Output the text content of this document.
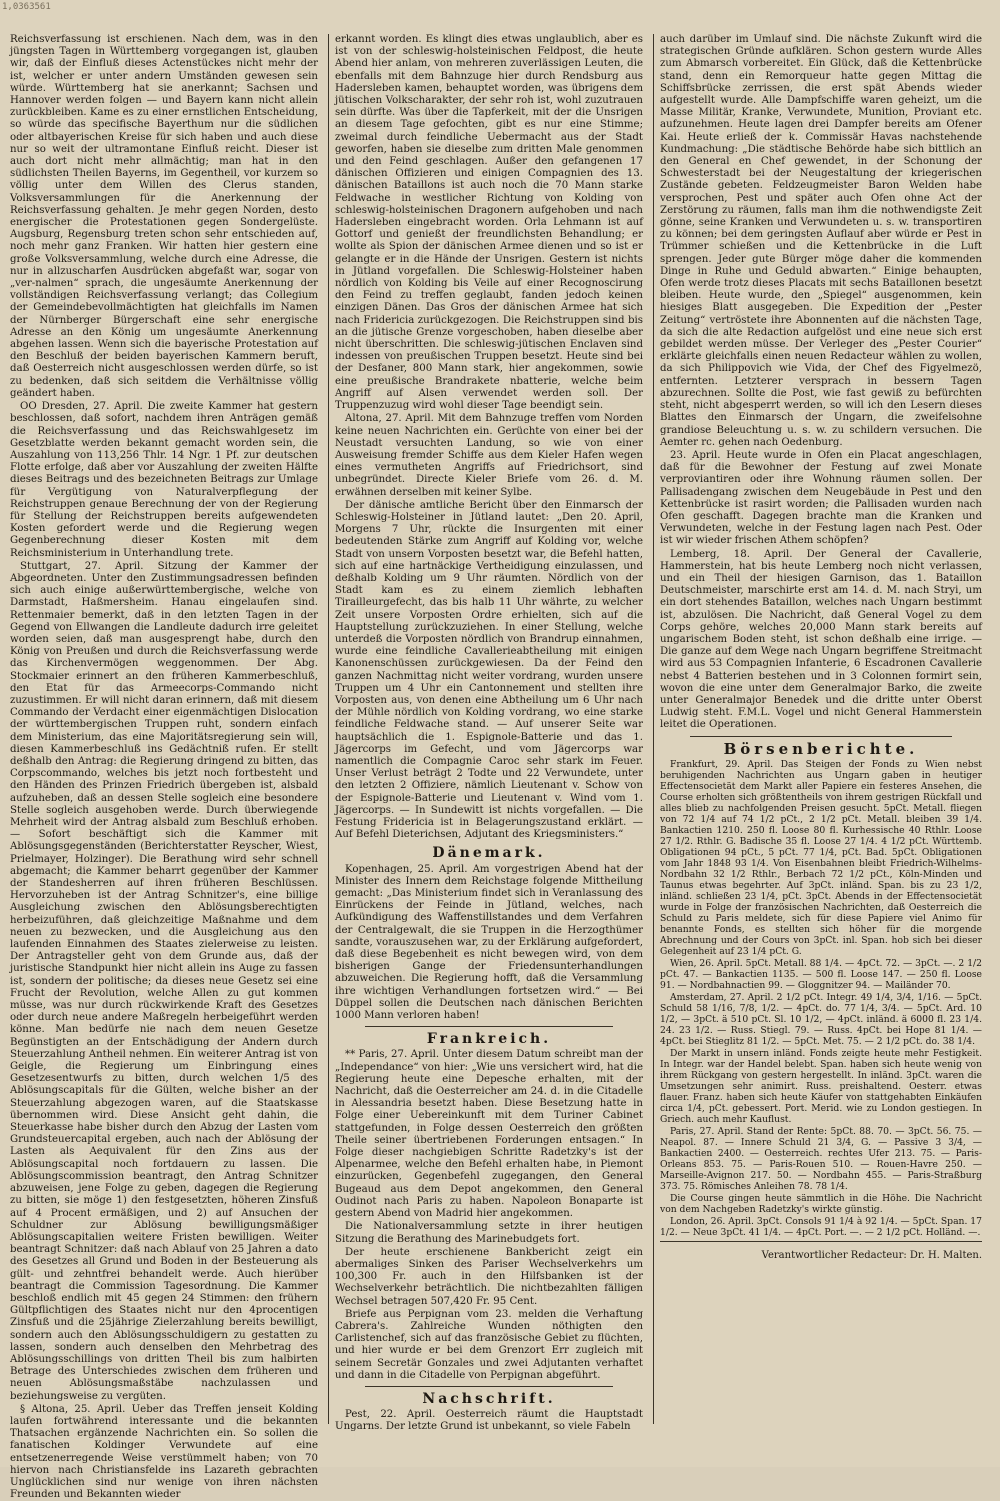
1,0363561

Reichsverfassung ist erschienen. Nach dem, was in den jüngsten Tagen in Württemberg vorgegangen ist, glauben wir, daß der Einfluß dieses Actenstückes nicht mehr der ist, welcher er unter andern Umständen gewesen sein würde. Württemberg hat sie anerkannt; Sachsen und Hannover werden folgen — und Bayern kann nicht allein zurückbleiben. Kame es zu einer ernstlichen Entscheidung, so würde das specifische Bayerthum nur die südlichen oder altbayerischen Kreise für sich haben und auch diese nur so weit der ultramontane Einfluß reicht. Dieser ist auch dort nicht mehr allmächtig; man hat in den südlichsten Theilen Bayerns, im Gegentheil, vor kurzem so völlig unter dem Willen des Clerus standen, Volksversammlungen für die Anerkennung der Reichsverfassung gehalten. Je mehr gegen Norden, desto energischer die Protestationen gegen Sondergelüste. Augsburg, Regensburg treten schon sehr entschieden auf, noch mehr ganz Franken. Wir hatten hier gestern eine große Volksversammlung, welche durch eine Adresse, die nur in allzuscharfen Ausdrücken abgefaßt war, sogar von „ver-nalmen“ sprach, die ungesäumte Anerkennung der vollständigen Reichsverfassung verlangt; das Collegium der Gemeindebevollmächtigten hat gleichfalls im Namen der Nürnberger Bürgerschaft eine sehr energische Adresse an den König um ungesäumte Anerkennung abgehen lassen. Wenn sich die bayerische Protestation auf den Beschluß der beiden bayerischen Kammern beruft, daß Oesterreich nicht ausgeschlossen werden dürfe, so ist zu bedenken, daß sich seitdem die Verhältnisse völlig geändert haben.

OO Dresden, 27. April. Die zweite Kammer hat gestern beschlossen, daß sofort, nachdem ihren Anträgen gemäß die Reichsverfassung und das Reichswahlgesetz im Gesetzblatte werden bekannt gemacht worden sein, die Auszahlung von 113,256 Thlr. 14 Ngr. 1 Pf. zur deutschen Flotte erfolge, daß aber vor Auszahlung der zweiten Hälfte dieses Beitrags und des bezeichneten Beitrags zur Umlage für Vergütigung von Naturalverpflegung der Reichstruppen genaue Berechnung der von der Regierung für Stellung der Reichstruppen bereits aufgewendeten Kosten gefordert werde und die Regierung wegen Gegenberechnung dieser Kosten mit dem Reichsministerium in Unterhandlung trete.

Stuttgart, 27. April. Sitzung der Kammer der Abgeordneten. Unter den Zustimmungsadressen befinden sich auch einige außerwürttembergische, welche von Darmstadt, Haßmersheim. Hanau eingelaufen sind. Rettenmaier bemerkt, daß in den letzten Tagen in der Gegend von Ellwangen die Landleute dadurch irre geleitet worden seien, daß man ausgesprengt habe, durch den König von Preußen und durch die Reichsverfassung werde das Kirchenvermögen weggenommen. Der Abg. Stockmaier erinnert an den früheren Kammerbeschluß, den Etat für das Armeecorps-Commando nicht zuzustimmen. Er will nicht daran erinnern, daß mit diesem Commando der Verdacht einer eigenmächtigen Dislocation der württembergischen Truppen ruht, sondern einfach dem Ministerium, das eine Majoritätsregierung sein will, diesen Kammerbeschluß ins Gedächtniß rufen. Er stellt deßhalb den Antrag: die Regierung dringend zu bitten, das Corpscommando, welches bis jetzt noch fortbesteht und den Händen des Prinzen Friedrich übergeben ist, alsbald aufzuheben, daß an dessen Stelle sogleich eine besondere Stelle sogleich ausgehoben werde. Durch überwiegende Mehrheit wird der Antrag alsbald zum Beschluß erhoben. — Sofort beschäftigt sich die Kammer mit Ablösungsgegenständen (Berichterstatter Reyscher, Wiest, Prielmayer, Holzinger). Die Berathung wird sehr schnell abgemacht; die Kammer beharrt gegenüber der Kammer der Standesherren auf ihren früheren Beschlüssen. Hervorzuheben ist der Antrag Schnitzer's, eine billige Ausgleichung zwischen den Ablösungsberechtigten herbeizuführen, daß gleichzeitige Maßnahme und dem neuen zu bezwecken, und die Ausgleichung aus den laufenden Einnahmen des Staates zielerweise zu leisten. Der Antragsteller geht von dem Grunde aus, daß der juristische Standpunkt hier nicht allein ins Auge zu fassen ist, sondern der politische; da dieses neue Gesetz sei eine Frucht der Revolution, welche Allen zu gut kommen müsse, was nur durch rückwirkende Kraft des Gesetzes oder durch neue andere Maßregeln herbeigeführt werden könne. Man bedürfe nie nach dem neuen Gesetze Begünstigten an der Entschädigung der Andern durch Steuerzahlung Antheil nehmen. Ein weiterer Antrag ist von Geigle, die Regierung um Einbringung eines Gesetzesentwurfs zu bitten, durch welchen 1/5 des Ablösungscapitals für die Gülten, welche bisher an der Steuerzahlung abgezogen waren, auf die Staatskasse übernommen wird. Diese Ansicht geht dahin, die Steuerkasse habe bisher durch den Abzug der Lasten vom Grundsteuercapital ergeben, auch nach der Ablösung der Lasten als Aequivalent für den Zins aus der Ablösungscapital noch fortdauern zu lassen. Die Ablösungscommission beantragt, den Antrag Schnitzer abzuweisen, jene Folge zu geben, dagegen die Regierung zu bitten, sie möge 1) den festgesetzten, höheren Zinsfuß auf 4 Procent ermäßigen, und 2) auf Ansuchen der Schuldner zur Ablösung bewilligungsmäßiger Ablösungscapitalien weitere Fristen bewilligen. Weiter beantragt Schnitzer: daß nach Ablauf von 25 Jahren a dato des Gesetzes all Grund und Boden in der Besteuerung als gült- und zehntfrei behandelt werde. Auch hierüber beantragt die Commission Tagesordnung. Die Kammer beschloß endlich mit 45 gegen 24 Stimmen: den frühern Gültpflichtigen des Staates nicht nur den 4procentigen Zinsfuß und die 25jährige Zielerzahlung bereits bewilligt, sondern auch den Ablösungsschuldigern zu gestatten zu lassen, sondern auch denselben den Mehrbetrag des Ablösungsschillings von dritten Theil bis zum halbirten Betrage des Unterschiedes zwischen dem früheren und neuen Ablösungsmaßstäbe nachzulassen und beziehungsweise zu vergüten.

§ Altona, 25. April. Ueber das Treffen jenseit Kolding laufen fortwährend interessante und die bekannten Thatsachen ergänzende Nachrichten ein. So sollen die fanatischen Koldinger Verwundete auf eine entsetzenerregende Weise verstümmelt haben; von 70 hiervon nach Christiansfelde ins Lazareth gebrachten Unglücklichen sind nur wenige von ihren nächsten Freunden und Bekannten wieder

erkannt worden. Es klingt dies etwas unglaublich, aber es ist von der schleswig-holsteinischen Feldpost, die heute Abend hier anlam, von mehreren zuverlässigen Leuten, die ebenfalls mit dem Bahnzuge hier durch Rendsburg aus Hadersleben kamen, behauptet worden, was übrigens dem jütischen Volkscharakter, der sehr roh ist, wohl zuzutrauen sein dürfte. Was über die Tapferkeit, mit der die Unsrigen an diesem Tage gefochten, gibt es nur eine Stimme; zweimal durch feindliche Uebermacht aus der Stadt geworfen, haben sie dieselbe zum dritten Male genommen und den Feind geschlagen. Außer den gefangenen 17 dänischen Offizieren und einigen Compagnien des 13. dänischen Bataillons ist auch noch die 70 Mann starke Feldwache in westlicher Richtung von Kolding von schleswig-holsteinischen Dragonern aufgehoben und nach Hadersleben eingebracht worden. Orla Lehmann ist auf Gottorf und genießt der freundlichsten Behandlung; er wollte als Spion der dänischen Armee dienen und so ist er gelangte er in die Hände der Unsrigen. Gestern ist nichts in Jütland vorgefallen. Die Schleswig-Holsteiner haben nördlich von Kolding bis Veile auf einer Recognoscirung den Feind zu treffen geglaubt, fanden jedoch keinen einzigen Dänen. Das Gros der dänischen Armee hat sich nach Fridericia zurückgezogen. Die Reichstruppen sind bis an die jütische Grenze vorgeschoben, haben dieselbe aber nicht überschritten. Die schleswig-jütischen Enclaven sind indessen von preußischen Truppen besetzt. Heute sind bei der Desfaner, 800 Mann stark, hier angekommen, sowie eine preußische Brandrakete nbatterie, welche beim Angriff auf Alsen verwendet werden soll. Der Truppenzuzug wird wohl dieser Tage beendigt sein.

Altona, 27. April. Mit dem Bahnzuge treffen vom Norden keine neuen Nachrichten ein. Gerüchte von einer bei der Neustadt versuchten Landung, so wie von einer Ausweisung fremder Schiffe aus dem Kieler Hafen wegen eines vermutheten Angriffs auf Friedrichsort, sind unbegründet. Directe Kieler Briefe vom 26. d. M. erwähnen derselben mit keiner Sylbe.

Der dänische amtliche Bericht über den Einmarsch der Schleswig-Holsteiner in Jütland lautet: „Den 20. April, Morgens 7 Uhr, rückte die Insurgenten mit einer bedeutenden Stärke zum Angriff auf Kolding vor, welche Stadt von unsern Vorposten besetzt war, die Befehl hatten, sich auf eine hartnäckige Vertheidigung einzulassen, und deßhalb Kolding um 9 Uhr räumten. Nördlich von der Stadt kam es zu einem ziemlich lebhaften Tirailleurgefecht, das bis halb 11 Uhr währte, zu welcher Zeit unsere Vorposten Ordre erhielten, sich auf die Hauptstellung zurückzuziehen. In einer Stellung, welche unterdeß die Vorposten nördlich von Brandrup einnahmen, wurde eine feindliche Cavallerieabtheilung mit einigen Kanonenschüssen zurückgewiesen. Da der Feind den ganzen Nachmittag nicht weiter vordrang, wurden unsere Truppen um 4 Uhr ein Cantonnement und stellten ihre Vorposten aus, von denen eine Abtheilung um 6 Uhr nach der Mühle nördlich von Kolding vordrang, wo eine starke feindliche Feldwache stand. — Auf unserer Seite war hauptsächlich die 1. Espignole-Batterie und das 1. Jägercorps im Gefecht, und vom Jägercorps war namentlich die Compagnie Caroc sehr stark im Feuer. Unser Verlust beträgt 2 Todte und 22 Verwundete, unter den letzten 2 Offiziere, nämlich Lieutenant v. Schow von der Espignole-Batterie und Lieutenant v. Wind vom 1. Jägercorps. — In Sundewitt ist nichts vorgefallen. — Die Festung Fridericia ist in Belagerungszustand erklärt. — Auf Befehl Dieterichsen, Adjutant des Kriegsministers.“

Dänemark.

Kopenhagen, 25. April. Am vorgestrigen Abend hat der Minister des Innern dem Reichstage folgende Mittheilung gemacht: „Das Ministerium findet sich in Veranlassung des Einrückens der Feinde in Jütland, welches, nach Aufkündigung des Waffenstillstandes und dem Verfahren der Centralgewalt, die sie Truppen in die Herzogthümer sandte, vorauszusehen war, zu der Erklärung aufgefordert, daß diese Begebenheit es nicht bewegen wird, von dem bisherigen Gange der Friedensunterhandlungen abzuweichen. Die Regierung hofft, daß die Versammlung ihre wichtigen Verhandlungen fortsetzen wird.“ — Bei Düppel sollen die Deutschen nach dänischen Berichten 1000 Mann verloren haben!

Frankreich.

** Paris, 27. April. Unter diesem Datum schreibt man der „Independance“ von hier: „Wie uns versichert wird, hat die Regierung heute eine Depesche erhalten, mit der Nachricht, daß die Oesterreicher am 24. d. in die Citadelle in Alessandria besetzt haben. Diese Besetzung hatte in Folge einer Uebereinkunft mit dem Turiner Cabinet stattgefunden, in Folge dessen Oesterreich den größten Theile seiner übertriebenen Forderungen entsagen.“ In Folge dieser nachgiebigen Schritte Radetzky's ist der Alpenarmee, welche den Befehl erhalten habe, in Piemont einzurücken, Gegenbefehl zugegangen, den General Bugeaud aus dem Depot angekommen, den General Oudinot nach Paris zu haben. Napoleon Bonaparte ist gestern Abend von Madrid hier angekommen.

Die Nationalversammlung setzte in ihrer heutigen Sitzung die Berathung des Marinebudgets fort.

Der heute erschienene Bankbericht zeigt ein abermaliges Sinken des Pariser Wechselverkehrs um 100,300 Fr. auch in den Hilfsbanken ist der Wechselverkehr beträchtlich. Die nichtbezahlten fälligen Wechsel betragen 507,420 Fr. 95 Cent.

Briefe aus Perpignan vom 23. melden die Verhaftung Cabrera's. Zahlreiche Wunden nöthigten den Carlistenchef, sich auf das französische Gebiet zu flüchten, und hier wurde er bei dem Grenzort Err zugleich mit seinem Secretär Gonzales und zwei Adjutanten verhaftet und dann in die Citadelle von Perpignan abgeführt.

Nachschrift.

Pest, 22. April. Oesterreich räumt die Hauptstadt Ungarns. Der letzte Grund ist unbekannt, so viele Fabeln

auch darüber im Umlauf sind. Die nächste Zukunft wird die strategischen Gründe aufklären. Schon gestern wurde Alles zum Abmarsch vorbereitet. Ein Glück, daß die Kettenbrücke stand, denn ein Remorqueur hatte gegen Mittag die Schiffsbrücke zerrissen, die erst spät Abends wieder aufgestellt wurde. Alle Dampfschiffe waren geheizt, um die Masse Militär, Kranke, Verwundete, Munition, Proviant etc. aufzunehmen. Heute lagen drei Dampfer bereits am Ofener Kai. Heute erließ der k. Commissär Havas nachstehende Kundmachung: „Die städtische Behörde habe sich bittlich an den General en Chef gewendet, in der Schonung der Schwesterstadt bei der Neugestaltung der kriegerischen Zustände gebeten. Feldzeugmeister Baron Welden habe versprochen, Pest und später auch Ofen ohne Act der Zerstörung zu räumen, falls man ihm die nothwendigste Zeit gönne, seine Kranken und Verwundeten u. s. w. transportiren zu können; bei dem geringsten Auflauf aber würde er Pest in Trümmer schießen und die Kettenbrücke in die Luft sprengen. Jeder gute Bürger möge daher die kommenden Dinge in Ruhe und Geduld abwarten.“ Einige behaupten, Ofen werde trotz dieses Placats mit sechs Bataillonen besetzt bleiben. Heute wurde, den „Spiegel“ ausgenommen, kein hiesiges Blatt ausgegeben. Die Expedition der „Pester Zeitung“ vertröstete ihre Abonnenten auf die nächsten Tage, da sich die alte Redaction aufgelöst und eine neue sich erst gebildet werden müsse. Der Verleger des „Pester Courier“ erklärte gleichfalls einen neuen Redacteur wählen zu wollen, da sich Philippovich wie Vida, der Chef des Figyelmezö, entfernten. Letzterer versprach in bessern Tagen abzurechnen. Sollte die Post, wie fast gewiß zu befürchten steht, nicht abgesperrt werden, so will ich den Lesern dieses Blattes den Einmarsch der Ungarn, die zweifelsohne grandiose Beleuchtung u. s. w. zu schildern versuchen. Die Aemter rc. gehen nach Oedenburg.

23. April. Heute wurde in Ofen ein Placat angeschlagen, daß für die Bewohner der Festung auf zwei Monate verproviantiren oder ihre Wohnung räumen sollen. Der Pallisadengang zwischen dem Neugebäude in Pest und den Kettenbrücke ist rasirt worden; die Pallisaden wurden nach Ofen geschafft. Dagegen brachte man die Kranken und Verwundeten, welche in der Festung lagen nach Pest. Oder ist wir wieder frischen Athem schöpfen?

Lemberg, 18. April. Der General der Cavallerie, Hammerstein, hat bis heute Lemberg noch nicht verlassen, und ein Theil der hiesigen Garnison, das 1. Bataillon Deutschmeister, marschirte erst am 14. d. M. nach Stryi, um ein dort stehendes Bataillon, welches nach Ungarn bestimmt ist, abzulösen. Die Nachricht, daß General Vogel zu dem Corps gehöre, welches 20,000 Mann stark bereits auf ungarischem Boden steht, ist schon deßhalb eine irrige. — Die ganze auf dem Wege nach Ungarn begriffene Streitmacht wird aus 53 Compagnien Infanterie, 6 Escadronen Cavallerie nebst 4 Batterien bestehen und in 3 Colonnen formirt sein, wovon die eine unter dem Generalmajor Barko, die zweite unter Generalmajor Benedek und die dritte unter Oberst Ludwig steht. F.M.L. Vogel und nicht General Hammerstein leitet die Operationen.

Börsenberichte.

Frankfurt, 29. April. Das Steigen der Fonds zu Wien nebst beruhigenden Nachrichten aus Ungarn gaben in heutiger Effectensocietät dem Markt aller Papiere ein festeres Ansehen, die Course erholten sich größtentheils von ihrem gestrigen Rückfall und alles blieb zu nachfolgenden Preisen gesucht. 5pCt. Metall. fliegen von 72 1/4 auf 74 1/2 pCt., 2 1/2 pCt. Metall. bleiben 39 1/4. Bankactien 1210. 250 fl. Loose 80 fl. Kurhessische 40 Rthlr. Loose 27 1/2. Rthlr. G. Badische 35 fl. Loose 27 1/4. 4 1/2 pCt. Württemb. Obligationen 94 pCt., 5 pCt. 77 1/4, pCt. Bad. 5pCt. Obligationen vom Jahr 1848 93 1/4. Von Eisenbahnen bleibt Friedrich-Wilhelms-Nordbahn 32 1/2 Rthlr., Berbach 72 1/2 pCt., Köln-Minden und Taunus etwas begehrter. Auf 3pCt. inländ. Span. bis zu 23 1/2, inländ. schließen 23 1/4, pCt. 3pCt. Abends in der Effectensocietät wurde in Folge der französischen Nachrichten, daß Oesterreich die Schuld zu Paris meldete, sich für diese Papiere viel Animo für benannte Fonds, es stellten sich höher für die morgende Abrechnung und der Cours von 3pCt. inl. Span. hob sich bei dieser Gelegenheit auf 23 1/4 pCt. G.

Wien, 26. April. 5pCt. Metall. 88 1/4. — 4pCt. 72. — 3pCt. —. 2 1/2 pCt. 47. — Bankactien 1135. — 500 fl. Loose 147. — 250 fl. Loose 91. — Nordbahnactien 99. — Gloggnitzer 94. — Mailänder 70.

Amsterdam, 27. April. 2 1/2 pCt. Integr. 49 1/4, 3/4, 1/16. — 5pCt. Schuld 58 1/16, 7/8, 1/2. — 4pCt. do. 77 1/4, 3/4. — 5pCt. Ard. 10 1/2, — 3pCt. ä 510 pCt. Sl. 10 1/2, — 4pCt. inländ. ä 6000 fl. 23 1/4. 24. 23 1/2. — Russ. Stiegl. 79. — Russ. 4pCt. bei Hope 81 1/4. — 4pCt. bei Stieglitz 81 1/2. — 5pCt. Met. 75. — 2 1/2 pCt. do. 38 1/4.

Der Markt in unsern inländ. Fonds zeigte heute mehr Festigkeit. In Integr. war der Handel belebt. Span. haben sich heute wenig von ihrem Rückgang von gestern hergestellt. In inländ. 3pCt. waren die Umsetzungen sehr animirt. Russ. preishaltend. Oesterr. etwas flauer. Franz. haben sich heute Käufer von stattgehabten Einkäufen circa 1/4, pCt. gebessert. Port. Merid. wie zu London gestiegen. In Griech. auch mehr Kauflust.

Paris, 27. April. Stand der Rente: 5pCt. 88. 70. — 3pCt. 56. 75. — Neapol. 87. — Innere Schuld 21 3/4, G. — Passive 3 3/4, — Bankactien 2400. — Oesterreich. rechtes Ufer 213. 75. — Paris-Orleans 853. 75. — Paris-Rouen 510. — Rouen-Havre 250. — Marseille-Avignon 217. 50. — Nordbahn 455. — Paris-Straßburg 373. 75. Römisches Anleihen 78. 78 1/4.

Die Course gingen heute sämmtlich in die Höhe. Die Nachricht von dem Nachgeben Radetzky's wirkte günstig.

London, 26. April. 3pCt. Consols 91 1/4 à 92 1/4. — 5pCt. Span. 17 1/2. — Neue 3pCt. 41 1/4. — 4pCt. Port. —. — 2 1/2 pCt. Holländ. —.

Verantwortlicher Redacteur: Dr. H. Malten.
